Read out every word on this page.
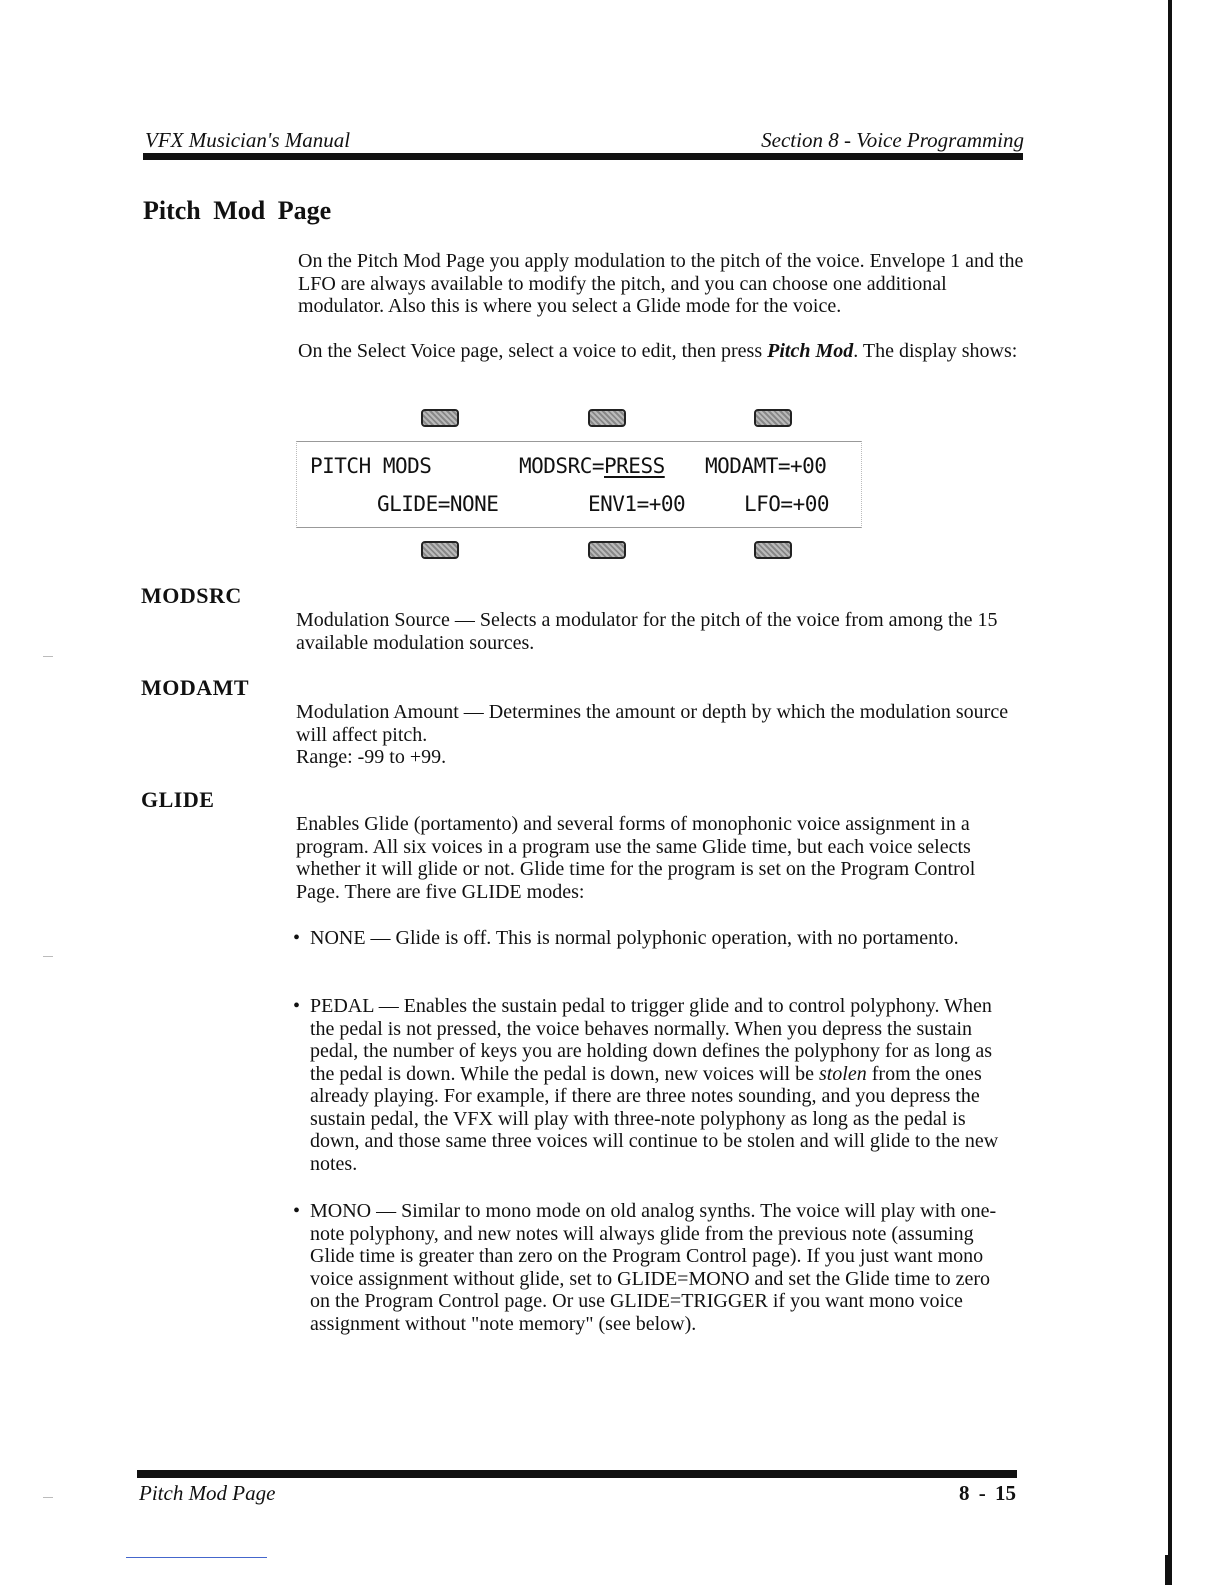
VFX Musician's Manual	Section 8 - Voice Programming
Pitch Mod Page
On the Pitch Mod Page you apply modulation to the pitch of the voice. Envelope 1 and the LFO are always available to modify the pitch, and you can choose one additional modulator. Also this is where you select a Glide mode for the voice.
On the Select Voice page, select a voice to edit, then press Pitch Mod. The display shows:
PITCH MODS	MODSRC=PRESS MODAMT=+00
GLIDE=NONE	ENV1=+00	LFO=+00
MODSRC
Modulation Source — Selects a modulator for the pitch of the voice from among the 15 available modulation sources.
MODAMT
Modulation Amount — Determines the amount or depth by which the modulation source will affect pitch.
Range: -99 to +99.
GLIDE
Enables Glide (portamento) and several forms of monophonic voice assignment in a program. All six voices in a program use the same Glide time, but each voice selects whether it will glide or not. Glide time for the program is set on the Program Control Page. There are five GLIDE modes:
• NONE — Glide is off. This is normal polyphonic operation, with no portamento.
• PEDAL — Enables the sustain pedal to trigger glide and to control polyphony. When the pedal is not pressed, the voice behaves normally. When you depress the sustain pedal, the number of keys you are holding down defines the polyphony for as long as the pedal is down. While the pedal is down, new voices will be stolen from the ones already playing. For example, if there are three notes sounding, and you depress the sustain pedal, the VFX will play with three-note polyphony as long as the pedal is down, and those same three voices will continue to be stolen and will glide to the new notes.
• MONO — Similar to mono mode on old analog synths. The voice will play with one-note polyphony, and new notes will always glide from the previous note (assuming Glide time is greater than zero on the Program Control page). If you just want mono voice assignment without glide, set to GLIDE=MONO and set the Glide time to zero on the Program Control page. Or use GLIDE=TRIGGER if you want mono voice assignment without "note memory" (see below).
Pitch Mod Page	8 - 15
